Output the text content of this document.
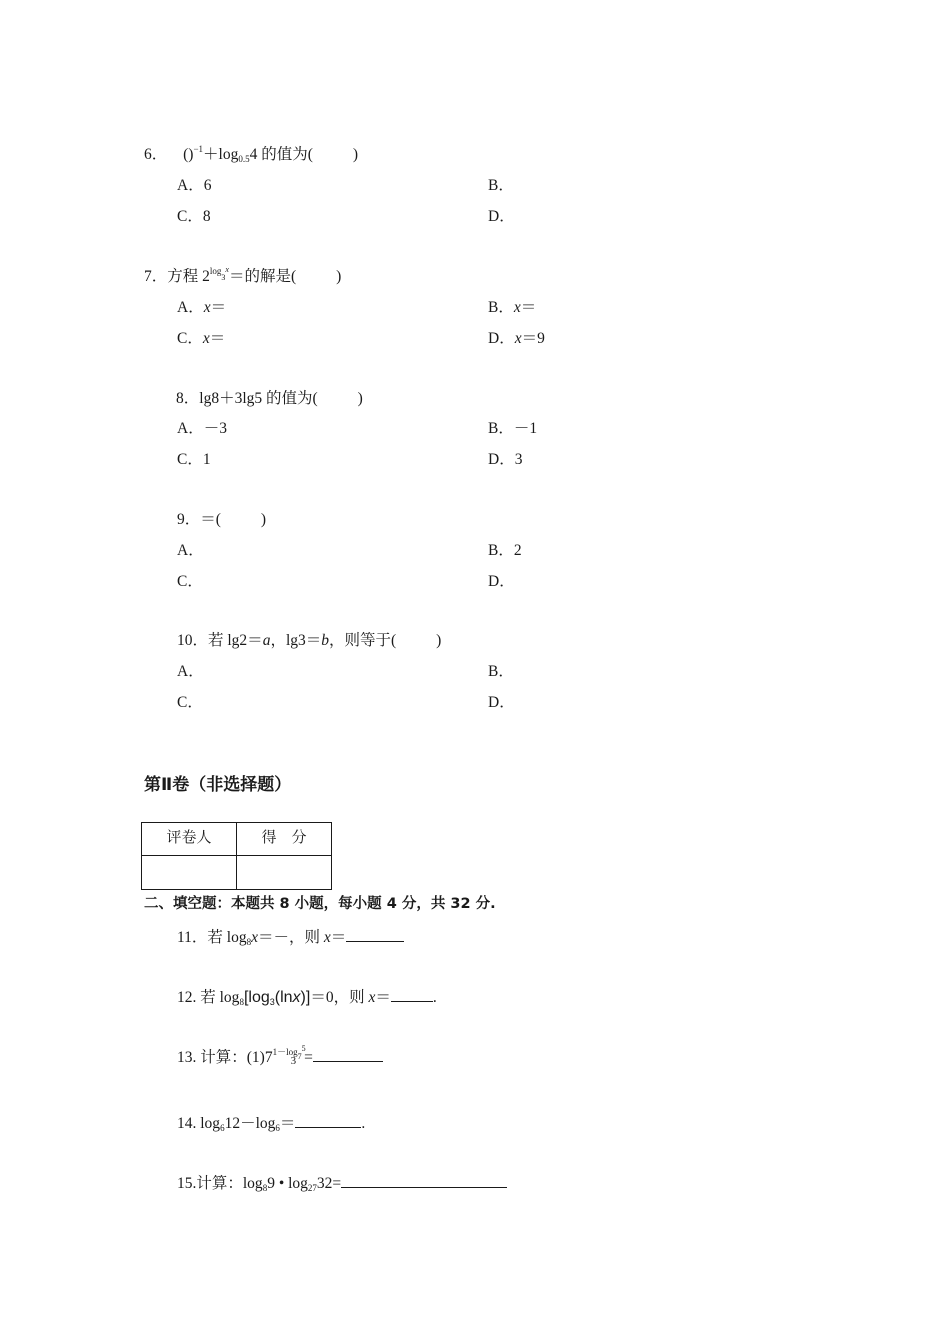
6． ()$^{-1}$＋log0.54 的值为(	)
A．6	B．
C．8	D．
7．方程 $2^{log}3^x=$的解是(	)
A．x＝	B．x＝
C．x＝	D．x＝9
8．lg8＋3lg5 的值为(	)
A．－3	B．－1
C．1	D．3
9．＝(	)
A．	B．2
C．	D．
10．若 lg2＝a，lg3＝b，则等于(	)
A．	B．
C．	D．
第Ⅱ卷（非选择题）
评卷人	得　分

二、填空题：本题共 8 小题，每小题 4 分，共 32 分.
11．若 log8x＝－，则 x＝
12. 若 log8[log3(lnx)]＝0，则 x＝	.
13. 计算：$(1)7^{1-log}7^53$ =
14. log612－log6＝	.
15.计算：log89 • log2732=
